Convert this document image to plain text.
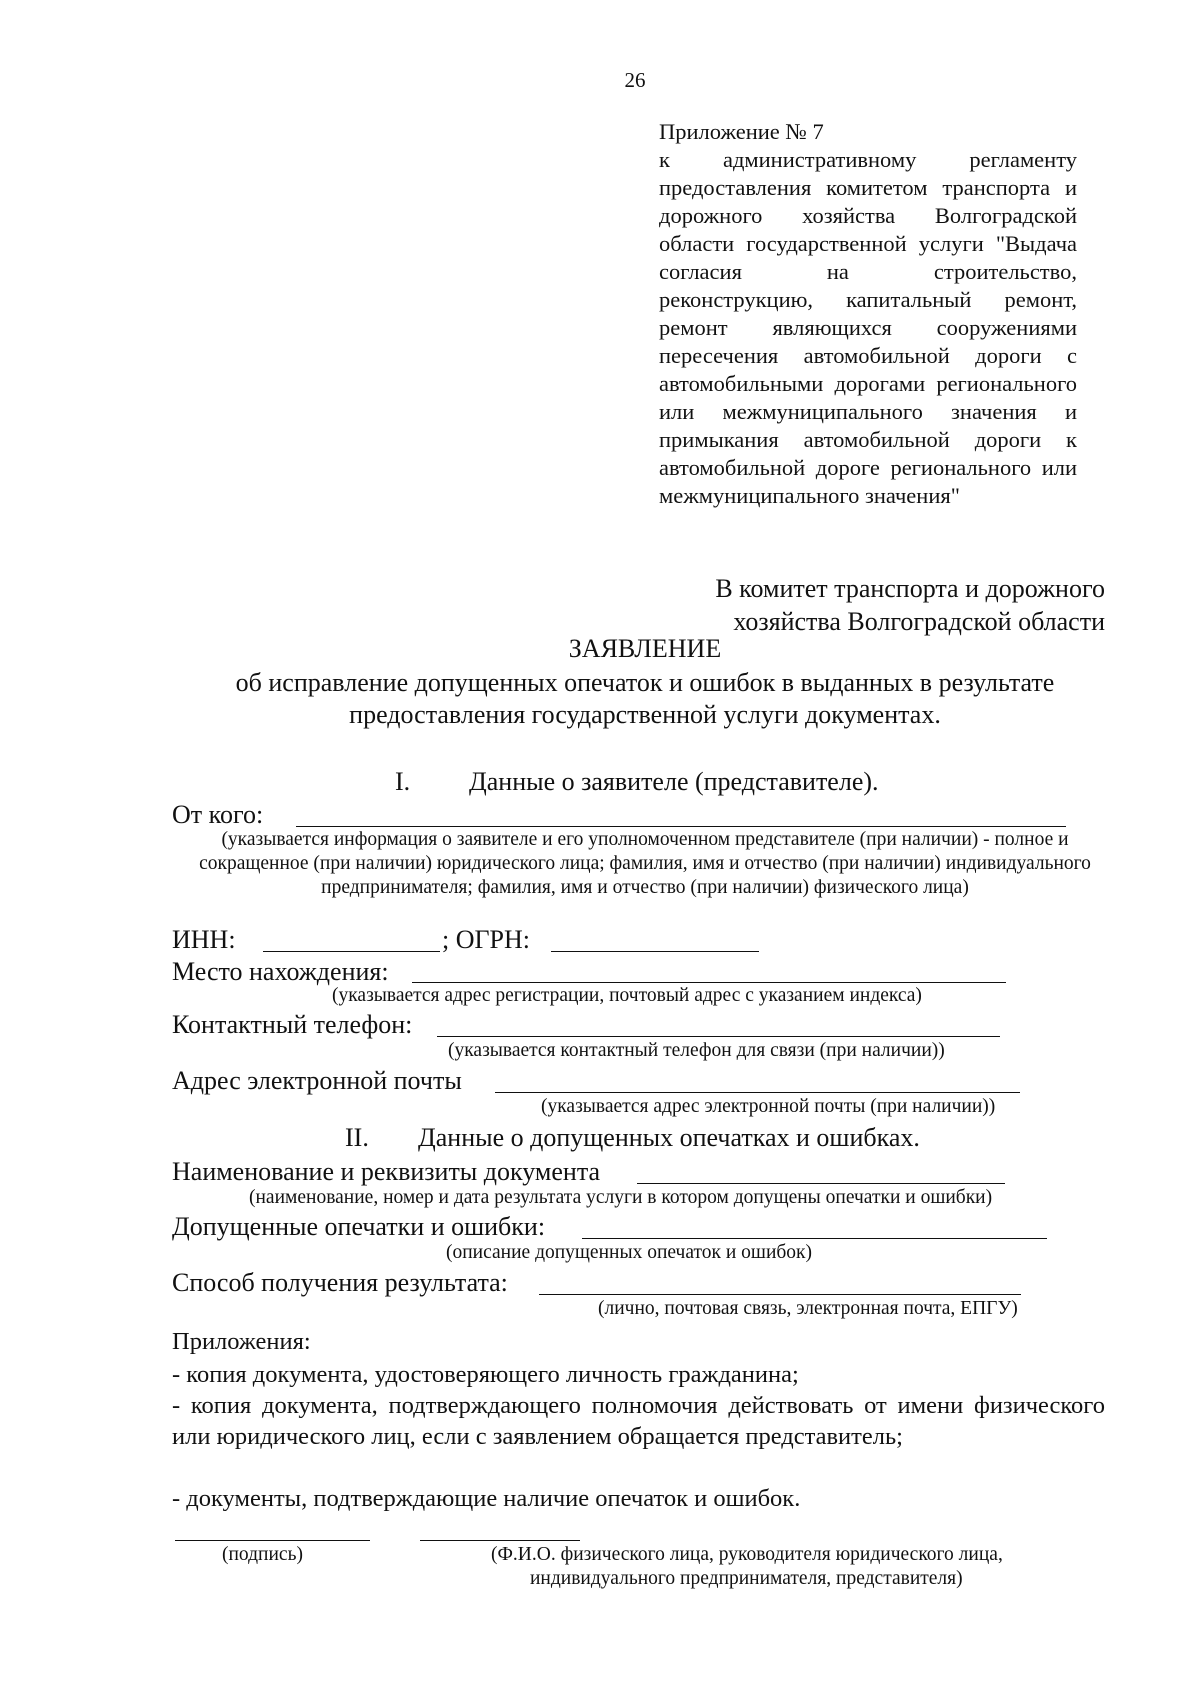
26
Приложение № 7
к административному регламенту предоставления комитетом транспорта и дорожного хозяйства Волгоградской области государственной услуги "Выдача согласия на строительство, реконструкцию, капитальный ремонт, ремонт являющихся сооружениями пересечения автомобильной дороги с автомобильными дорогами регионального или межмуниципального значения и примыкания автомобильной дороги к автомобильной дороге регионального или межмуниципального значения"
В комитет транспорта и дорожного
хозяйства Волгоградской области
ЗАЯВЛЕНИЕ
об исправление допущенных опечаток и ошибок в выданных в результате
предоставления государственной услуги документах.
I. Данные о заявителе (представителе).
От кого:
(указывается информация о заявителе и его уполномоченном представителе (при наличии) - полное и
сокращенное (при наличии) юридического лица; фамилия, имя и отчество (при наличии) индивидуального
предпринимателя; фамилия, имя и отчество (при наличии) физического лица)
ИНН:	; ОГРН:
Место нахождения:
(указывается адрес регистрации, почтовый адрес с указанием индекса)
Контактный телефон:
(указывается контактный телефон для связи (при наличии))
Адрес электронной почты
(указывается адрес электронной почты (при наличии))
II. Данные о допущенных опечатках и ошибках.
Наименование и реквизиты документа
(наименование, номер и дата результата услуги в котором допущены опечатки и ошибки)
Допущенные опечатки и ошибки:
(описание допущенных опечаток и ошибок)
Способ получения результата:
(лично, почтовая связь, электронная почта, ЕПГУ)
Приложения:
- копия документа, удостоверяющего личность гражданина;
- копия документа, подтверждающего полномочия действовать от имени физического или юридического лиц, если с заявлением обращается представитель;
- документы, подтверждающие наличие опечаток и ошибок.
(подпись)	(Ф.И.О. физического лица, руководителя юридического лица,
индивидуального предпринимателя, представителя)
